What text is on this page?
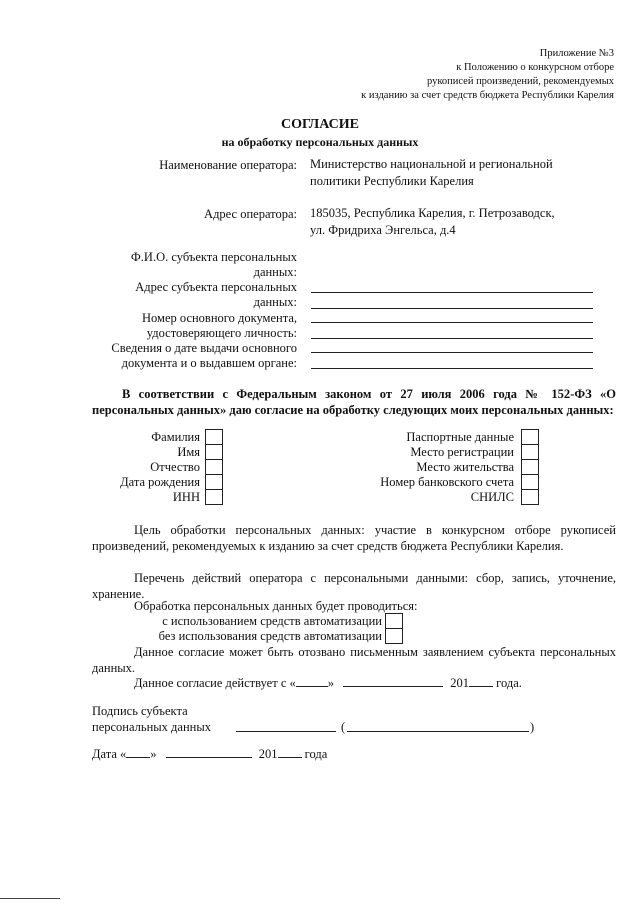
Приложение №3
к Положению о конкурсном отборе
рукописей произведений, рекомендуемых
к изданию за счет средств бюджета Республики Карелия
СОГЛАСИЕ
на обработку персональных данных
Наименование оператора: Министерство национальной и региональной
политики Республики Карелия
Адрес оператора: 185035, Республика Карелия, г. Петрозаводск,
ул. Фридриха Энгельса, д.4
Ф.И.О. субъекта персональных
данных:
Адрес субъекта персональных
данных:
Номер основного документа,
удостоверяющего личность:
Сведения о дате выдачи основного
документа и о выдавшем органе:
В соответствии с Федеральным законом от 27 июля 2006 года № 152-ФЗ «О персональных данных» даю согласие на обработку следующих моих персональных данных:
Фамилия
Имя
Отчество
Дата рождения
ИНН
Паспортные данные
Место регистрации
Место жительства
Номер банковского счета
СНИЛС
Цель обработки персональных данных: участие в конкурсном отборе рукописей произведений, рекомендуемых к изданию за счет средств бюджета Республики Карелия.
Перечень действий оператора с персональными данными: сбор, запись, уточнение, хранение.
Обработка персональных данных будет проводиться:
с использованием средств автоматизации
без использования средств автоматизации
Данное согласие может быть отозвано письменным заявлением субъекта персональных данных.
Данное согласие действует с «	»	201 года.
Подпись субъекта
персональных данных	(	)
Дата « »	201 года
